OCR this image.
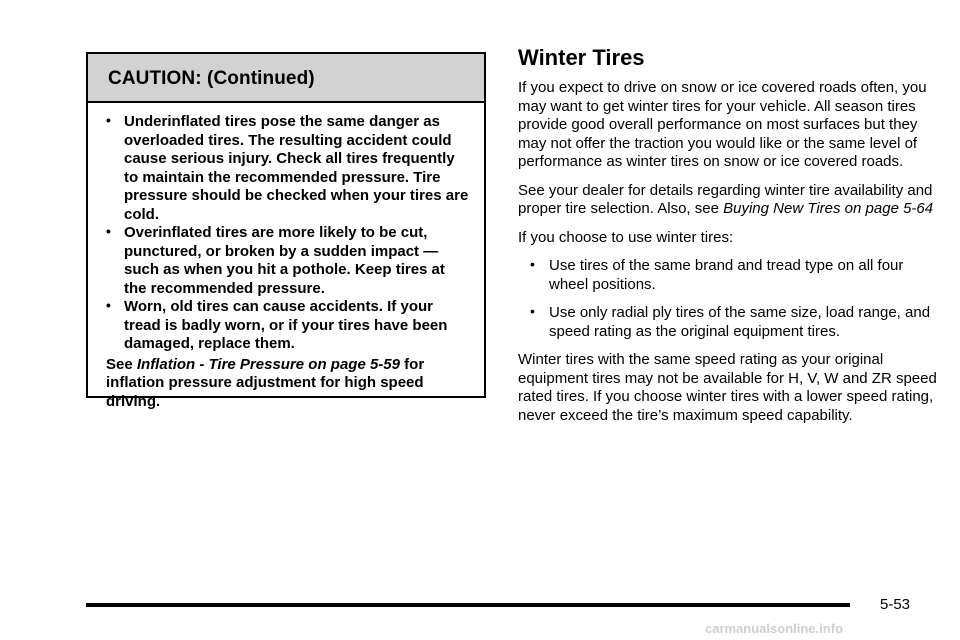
CAUTION: (Continued)
• Underinflated tires pose the same danger as overloaded tires. The resulting accident could cause serious injury. Check all tires frequently to maintain the recommended pressure. Tire pressure should be checked when your tires are cold.
• Overinflated tires are more likely to be cut, punctured, or broken by a sudden impact — such as when you hit a pothole. Keep tires at the recommended pressure.
• Worn, old tires can cause accidents. If your tread is badly worn, or if your tires have been damaged, replace them.
See Inflation - Tire Pressure on page 5-59 for inflation pressure adjustment for high speed driving.
Winter Tires

If you expect to drive on snow or ice covered roads often, you may want to get winter tires for your vehicle. All season tires provide good overall performance on most surfaces but they may not offer the traction you would like or the same level of performance as winter tires on snow or ice covered roads.

See your dealer for details regarding winter tire availability and proper tire selection. Also, see Buying New Tires on page 5-64

If you choose to use winter tires:

• Use tires of the same brand and tread type on all four wheel positions.
• Use only radial ply tires of the same size, load range, and speed rating as the original equipment tires.

Winter tires with the same speed rating as your original equipment tires may not be available for H, V, W and ZR speed rated tires. If you choose winter tires with a lower speed rating, never exceed the tire’s maximum speed capability.

5-53
carmanualsonline.info
